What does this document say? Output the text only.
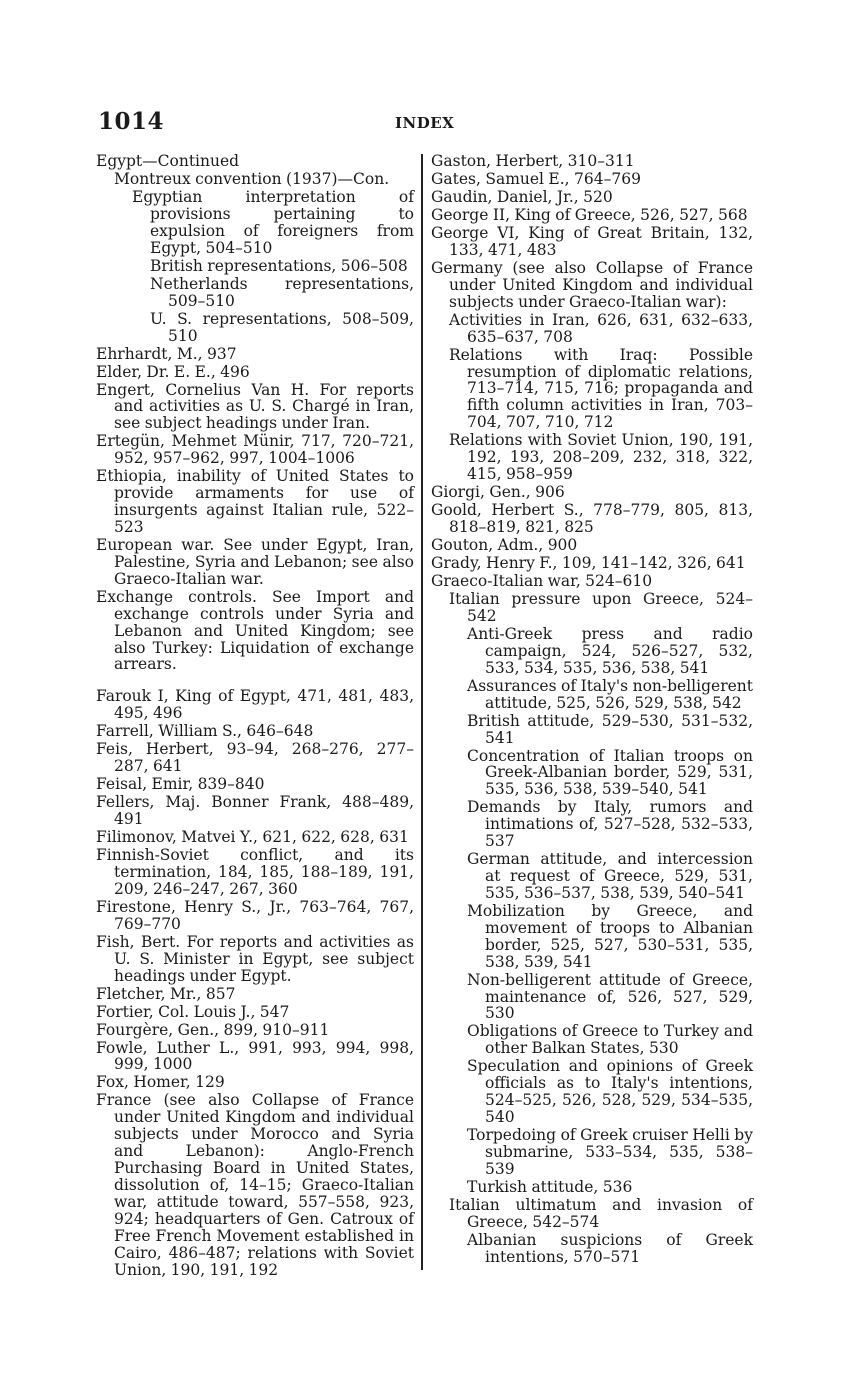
1014	INDEX

Egypt—Continued

Montreux convention (1937)—Con.

Egyptian interpretation of provisions pertaining to expulsion of foreigners from Egypt, 504–510

British representations, 506–508

Netherlands representations, 509–510

U. S. representations, 508–509, 510

Ehrhardt, M., 937

Elder, Dr. E. E., 496

Engert, Cornelius Van H. For reports and activities as U. S. Chargé in Iran, see subject headings under Iran.

Ertegün, Mehmet Münir, 717, 720–721, 952, 957–962, 997, 1004–1006

Ethiopia, inability of United States to provide armaments for use of insurgents against Italian rule, 522–523

European war. See under Egypt, Iran, Palestine, Syria and Lebanon; see also Graeco-Italian war.

Exchange controls. See Import and exchange controls under Syria and Lebanon and United Kingdom; see also Turkey: Liquidation of exchange arrears.

Farouk I, King of Egypt, 471, 481, 483, 495, 496

Farrell, William S., 646–648

Feis, Herbert, 93–94, 268–276, 277–287, 641

Feisal, Emir, 839–840

Fellers, Maj. Bonner Frank, 488–489, 491

Filimonov, Matvei Y., 621, 622, 628, 631

Finnish-Soviet conflict, and its termination, 184, 185, 188–189, 191, 209, 246–247, 267, 360

Firestone, Henry S., Jr., 763–764, 767, 769–770

Fish, Bert. For reports and activities as U. S. Minister in Egypt, see subject headings under Egypt.

Fletcher, Mr., 857

Fortier, Col. Louis J., 547

Fourgère, Gen., 899, 910–911

Fowle, Luther L., 991, 993, 994, 998, 999, 1000

Fox, Homer, 129

France (see also Collapse of France under United Kingdom and individual subjects under Morocco and Syria and Lebanon): Anglo-French Purchasing Board in United States, dissolution of, 14–15; Graeco-Italian war, attitude toward, 557–558, 923, 924; headquarters of Gen. Catroux of Free French Movement established in Cairo, 486–487; relations with Soviet Union, 190, 191, 192

Gaston, Herbert, 310–311

Gates, Samuel E., 764–769

Gaudin, Daniel, Jr., 520

George II, King of Greece, 526, 527, 568

George VI, King of Great Britain, 132, 133, 471, 483

Germany (see also Collapse of France under United Kingdom and individual subjects under Graeco-Italian war):

Activities in Iran, 626, 631, 632–633, 635–637, 708

Relations with Iraq: Possible resumption of diplomatic relations, 713–714, 715, 716; propaganda and fifth column activities in Iran, 703–704, 707, 710, 712

Relations with Soviet Union, 190, 191, 192, 193, 208–209, 232, 318, 322, 415, 958–959

Giorgi, Gen., 906

Goold, Herbert S., 778–779, 805, 813, 818–819, 821, 825

Gouton, Adm., 900

Grady, Henry F., 109, 141–142, 326, 641

Graeco-Italian war, 524–610

Italian pressure upon Greece, 524–542

Anti-Greek press and radio campaign, 524, 526–527, 532, 533, 534, 535, 536, 538, 541

Assurances of Italy's non-belligerent attitude, 525, 526, 529, 538, 542

British attitude, 529–530, 531–532, 541

Concentration of Italian troops on Greek-Albanian border, 529, 531, 535, 536, 538, 539–540, 541

Demands by Italy, rumors and intimations of, 527–528, 532–533, 537

German attitude, and intercession at request of Greece, 529, 531, 535, 536–537, 538, 539, 540–541

Mobilization by Greece, and movement of troops to Albanian border, 525, 527, 530–531, 535, 538, 539, 541

Non-belligerent attitude of Greece, maintenance of, 526, 527, 529, 530

Obligations of Greece to Turkey and other Balkan States, 530

Speculation and opinions of Greek officials as to Italy's intentions, 524–525, 526, 528, 529, 534–535, 540

Torpedoing of Greek cruiser Helli by submarine, 533–534, 535, 538–539

Turkish attitude, 536

Italian ultimatum and invasion of Greece, 542–574

Albanian suspicions of Greek intentions, 570–571
